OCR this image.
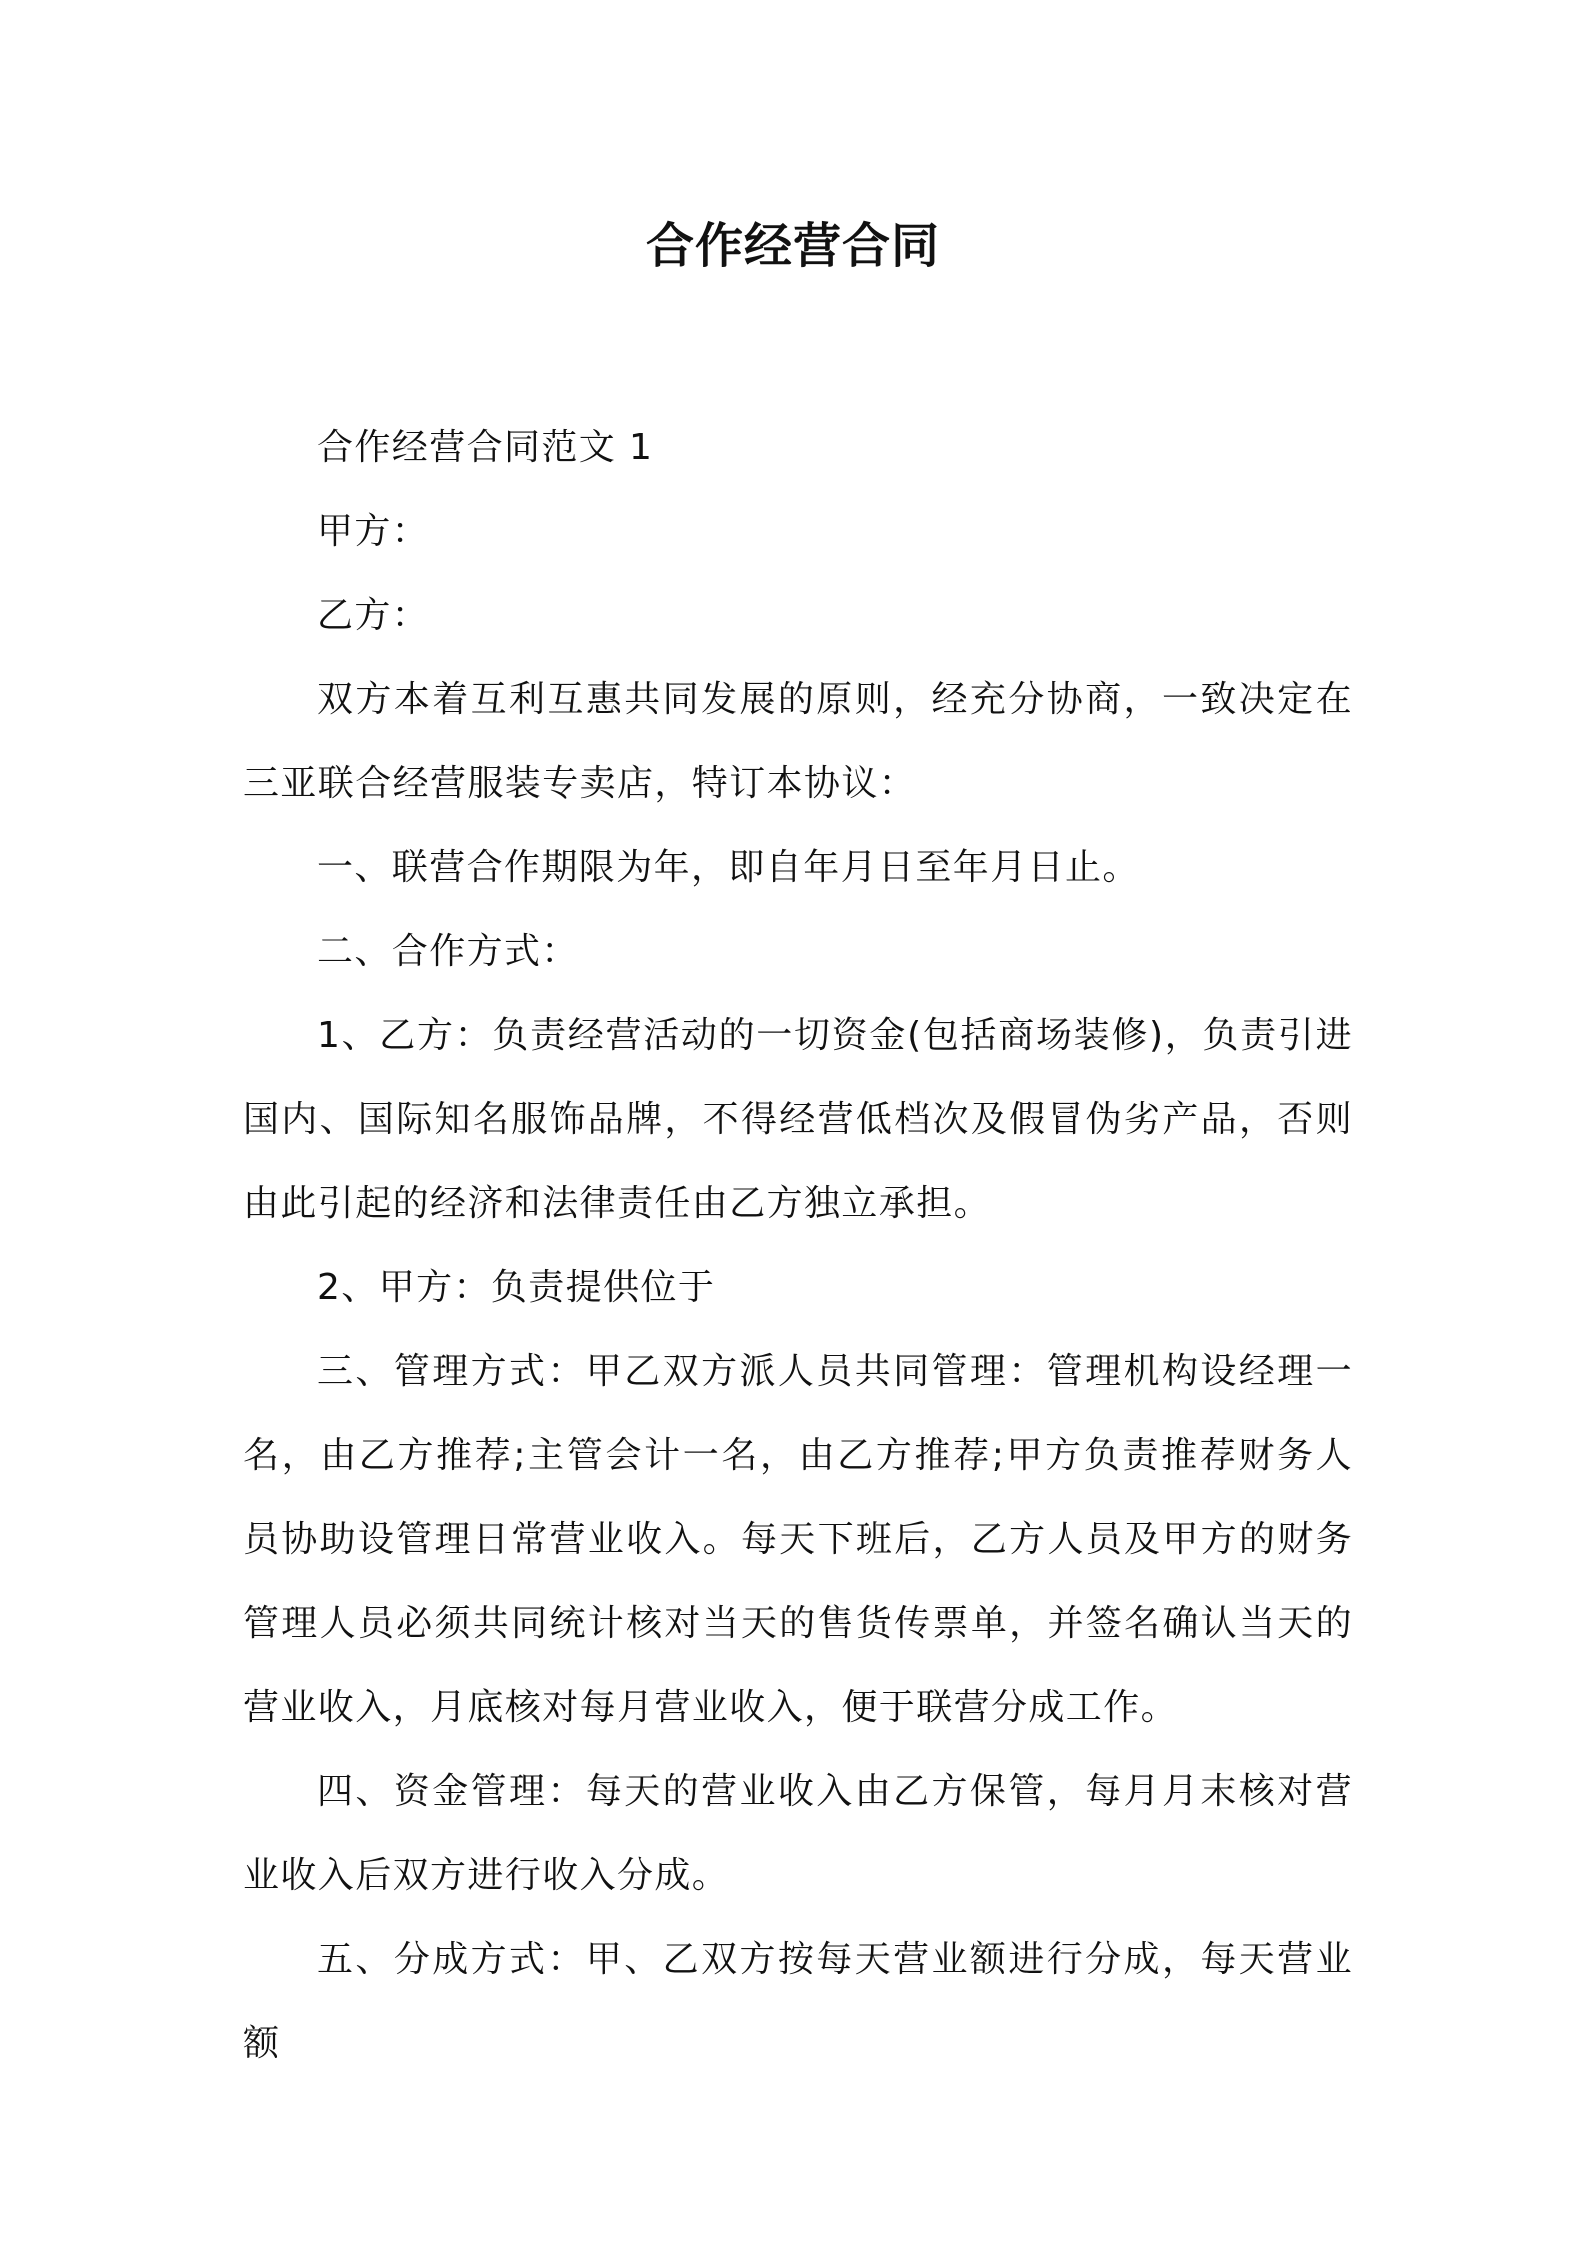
合作经营合同

合作经营合同范文 1

甲方：

乙方：

双方本着互利互惠共同发展的原则，经充分协商，一致决定在三亚联合经营服装专卖店，特订本协议：

一、联营合作期限为年，即自年月日至年月日止。

二、合作方式：

1、乙方：负责经营活动的一切资金(包括商场装修)，负责引进国内、国际知名服饰品牌，不得经营低档次及假冒伪劣产品，否则由此引起的经济和法律责任由乙方独立承担。

2、甲方：负责提供位于

三、管理方式：甲乙双方派人员共同管理：管理机构设经理一名，由乙方推荐;主管会计一名，由乙方推荐;甲方负责推荐财务人员协助设管理日常营业收入。每天下班后，乙方人员及甲方的财务管理人员必须共同统计核对当天的售货传票单，并签名确认当天的营业收入，月底核对每月营业收入，便于联营分成工作。

四、资金管理：每天的营业收入由乙方保管，每月月末核对营业收入后双方进行收入分成。

五、分成方式：甲、乙双方按每天营业额进行分成，每天营业额
